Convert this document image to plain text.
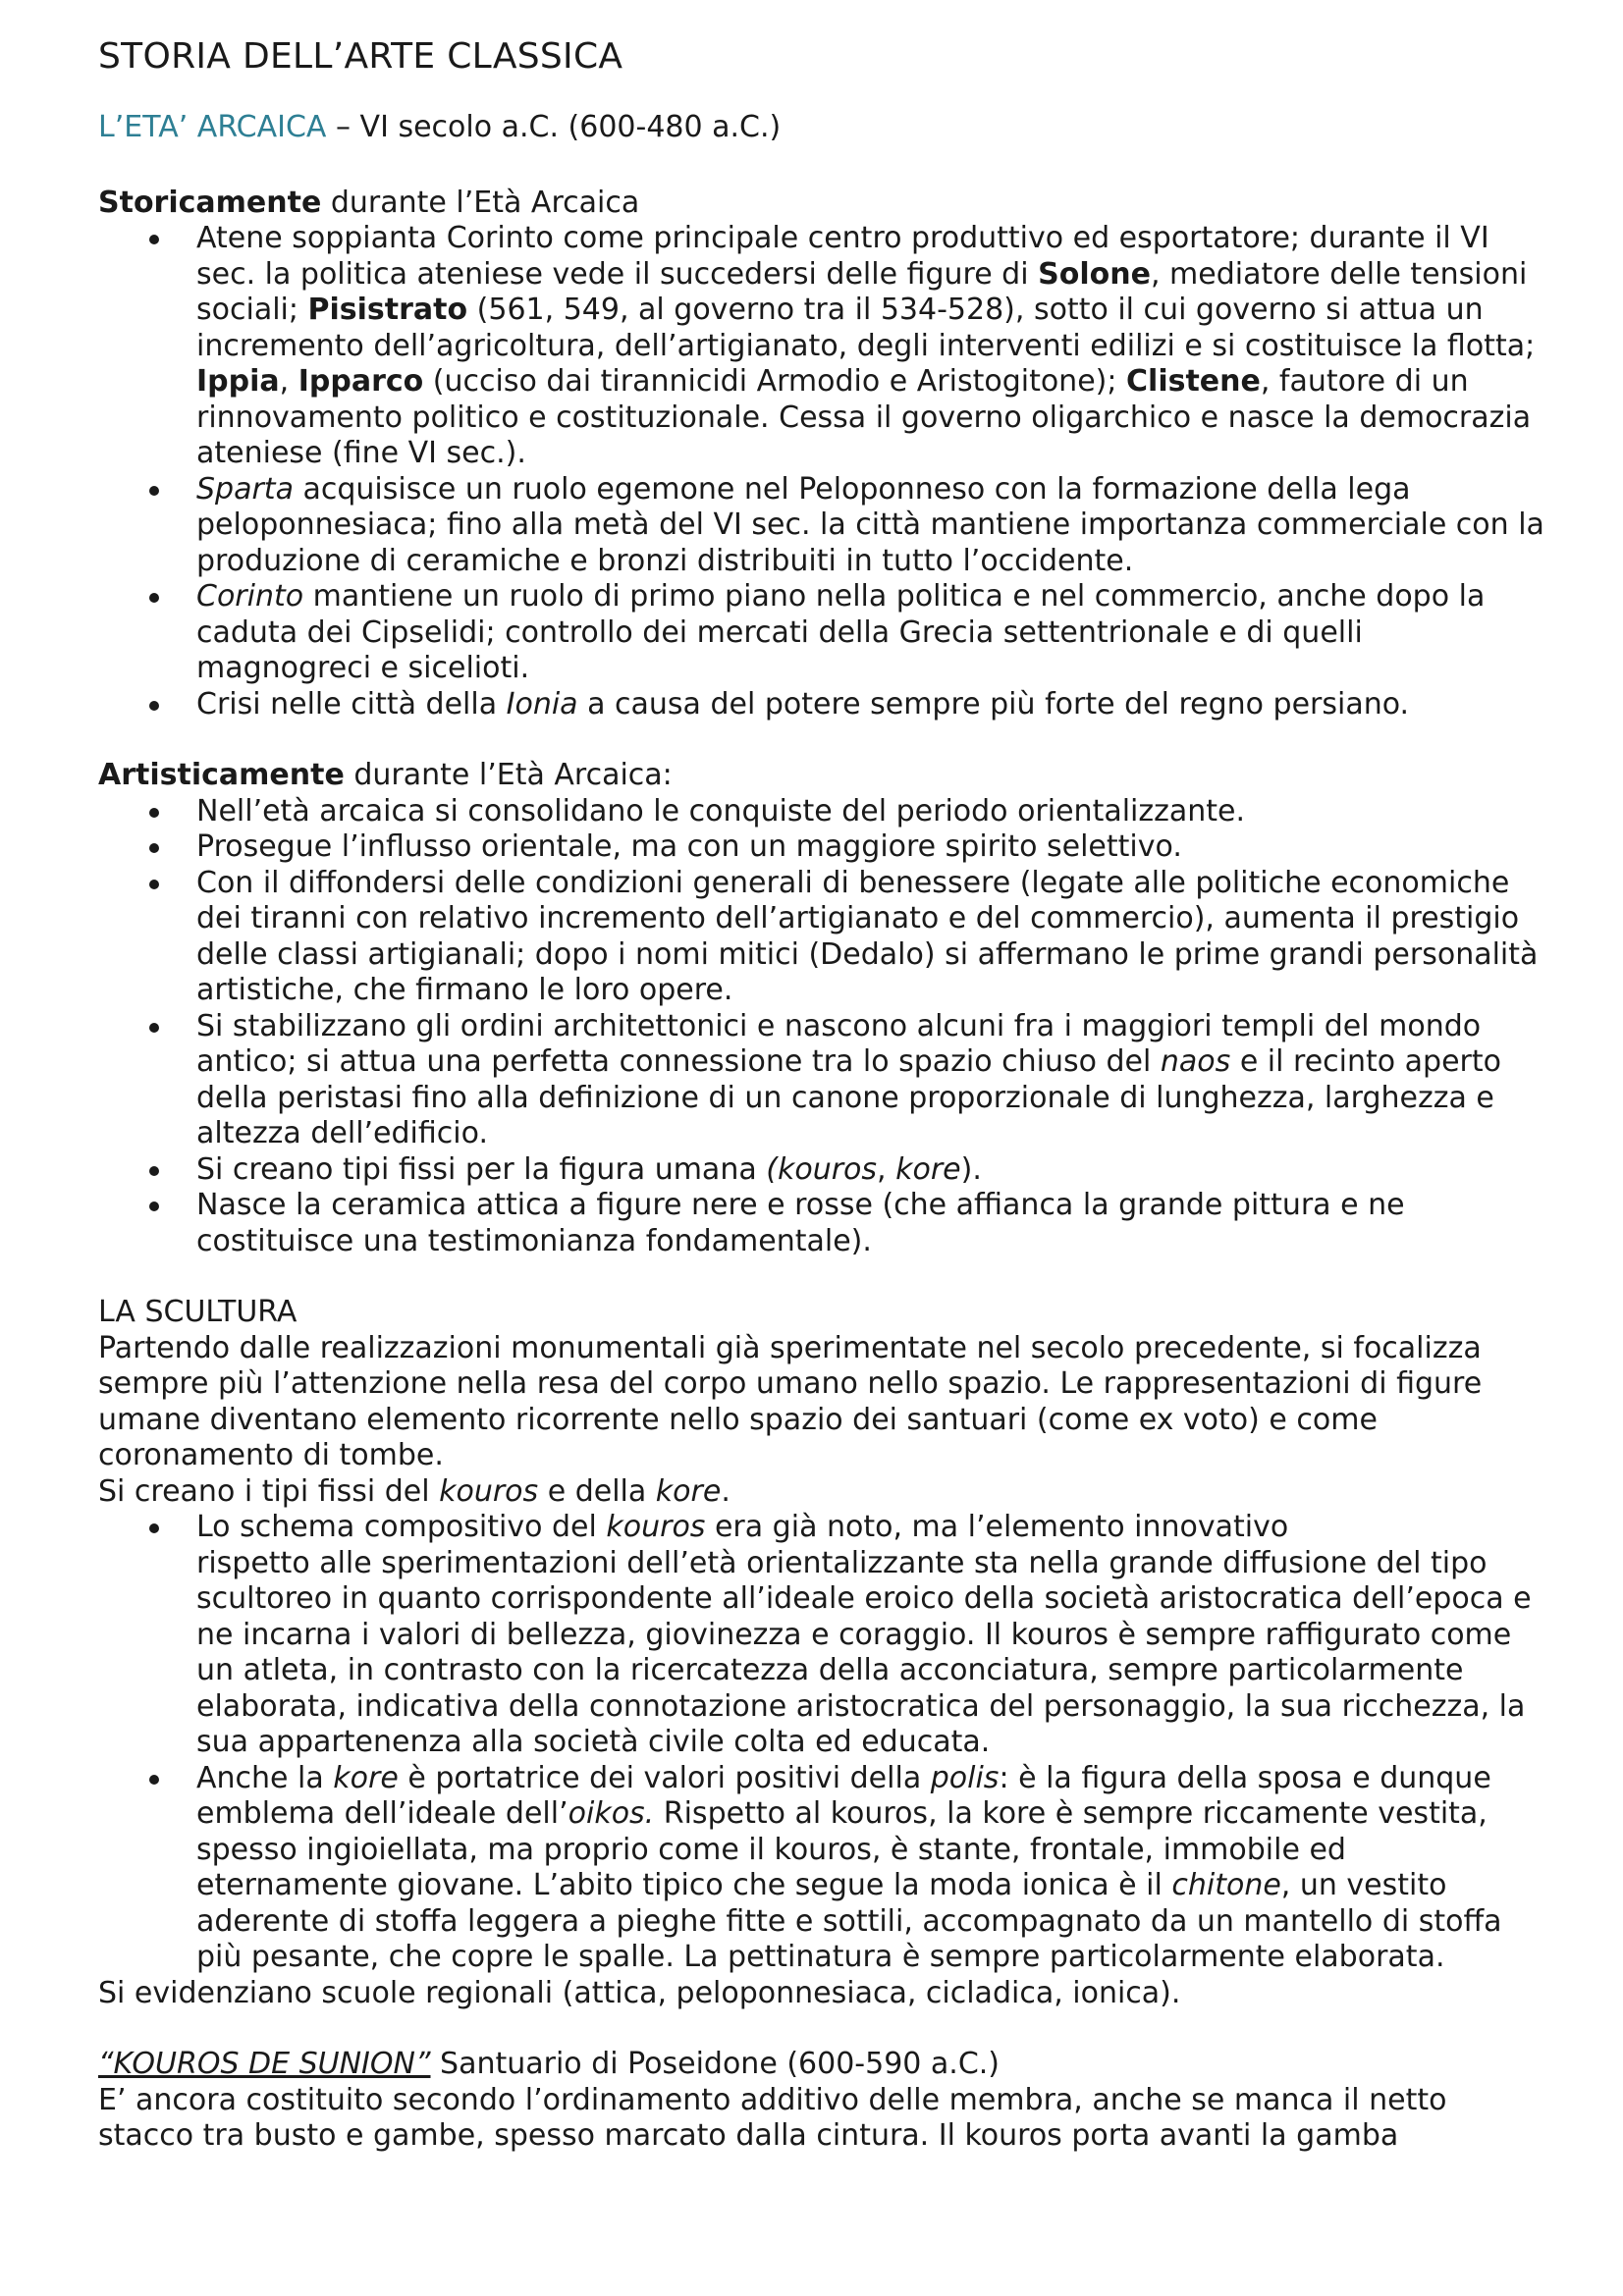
STORIA DELL’ARTE CLASSICA

L’ETA’ ARCAICA – VI secolo a.C. (600-480 a.C.)

Storicamente durante l’Età Arcaica

Atene soppianta Corinto come principale centro produttivo ed esportatore; durante il VI sec. la politica ateniese vede il succedersi delle figure di Solone, mediatore delle tensioni sociali; Pisistrato (561, 549, al governo tra il 534-528), sotto il cui governo si attua un incremento dell’agricoltura, dell’artigianato, degli interventi edilizi e si costituisce la flotta; Ippia, Ipparco (ucciso dai tirannicidi Armodio e Aristogitone); Clistene, fautore di un rinnovamento politico e costituzionale. Cessa il governo oligarchico e nasce la democrazia ateniese (fine VI sec.).
Sparta acquisisce un ruolo egemone nel Peloponneso con la formazione della lega peloponnesiaca; fino alla metà del VI sec. la città mantiene importanza commerciale con la produzione di ceramiche e bronzi distribuiti in tutto l’occidente.
Corinto mantiene un ruolo di primo piano nella politica e nel commercio, anche dopo la caduta dei Cipselidi; controllo dei mercati della Grecia settentrionale e di quelli magnogreci e sicelioti.
Crisi nelle città della Ionia a causa del potere sempre più forte del regno persiano.

Artisticamente durante l’Età Arcaica:

Nell’età arcaica si consolidano le conquiste del periodo orientalizzante.
Prosegue l’influsso orientale, ma con un maggiore spirito selettivo.
Con il diffondersi delle condizioni generali di benessere (legate alle politiche economiche dei tiranni con relativo incremento dell’artigianato e del commercio), aumenta il prestigio delle classi artigianali; dopo i nomi mitici (Dedalo) si affermano le prime grandi personalità artistiche, che firmano le loro opere.
Si stabilizzano gli ordini architettonici e nascono alcuni fra i maggiori templi del mondo antico; si attua una perfetta connessione tra lo spazio chiuso del naos e il recinto aperto della peristasi fino alla definizione di un canone proporzionale di lunghezza, larghezza e altezza dell’edificio.
Si creano tipi fissi per la figura umana (kouros, kore).
Nasce la ceramica attica a figure nere e rosse (che affianca la grande pittura e ne costituisce una testimonianza fondamentale).

LA SCULTURA

Partendo dalle realizzazioni monumentali già sperimentate nel secolo precedente, si focalizza sempre più l’attenzione nella resa del corpo umano nello spazio. Le rappresentazioni di figure umane diventano elemento ricorrente nello spazio dei santuari (come ex voto) e come coronamento di tombe.

Si creano i tipi fissi del kouros e della kore.

Lo schema compositivo del kouros era già noto, ma l’elemento innovativo
rispetto alle sperimentazioni dell’età orientalizzante sta nella grande diffusione del tipo scultoreo in quanto corrispondente all’ideale eroico della società aristocratica dell’epoca e ne incarna i valori di bellezza, giovinezza e coraggio. Il kouros è sempre raffigurato come un atleta, in contrasto con la ricercatezza della acconciatura, sempre particolarmente elaborata, indicativa della connotazione aristocratica del personaggio, la sua ricchezza, la sua appartenenza alla società civile colta ed educata.
Anche la kore è portatrice dei valori positivi della polis: è la figura della sposa e dunque emblema dell’ideale dell’oikos. Rispetto al kouros, la kore è sempre riccamente vestita, spesso ingioiellata, ma proprio come il kouros, è stante, frontale, immobile ed eternamente giovane. L’abito tipico che segue la moda ionica è il chitone, un vestito aderente di stoffa leggera a pieghe fitte e sottili, accompagnato da un mantello di stoffa più pesante, che copre le spalle. La pettinatura è sempre particolarmente elaborata.

Si evidenziano scuole regionali (attica, peloponnesiaca, cicladica, ionica).

“KOUROS DE SUNION” Santuario di Poseidone (600-590 a.C.)

E’ ancora costituito secondo l’ordinamento additivo delle membra, anche se manca il netto stacco tra busto e gambe, spesso marcato dalla cintura. Il kouros porta avanti la gamba
